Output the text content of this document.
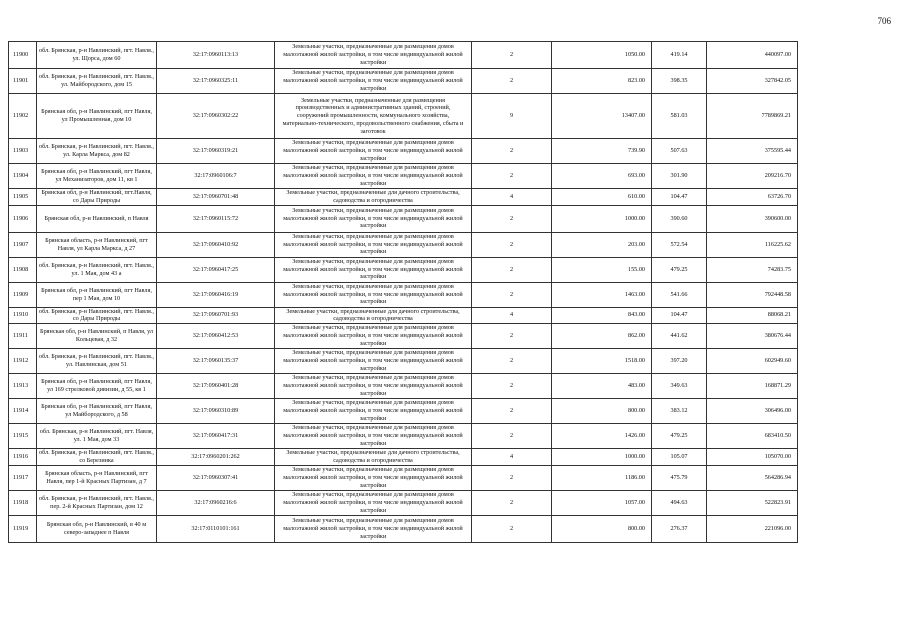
706
11900	обл. Брянская, р-н Навлинский, пгт. Навля., ул. Щорса, дом 60	32:17:0960113:13	Земельные участки, предназначенные для размещения домов малоэтажной жилой застройки, в том числе индивидуальной жилой застройки	2	1050.00	419.14	440097.00
11901	обл. Брянская, р-н Навлинский, пгт. Навля., ул. Майбородского, дом 15	32:17:0960325:11	Земельные участки, предназначенные для размещения домов малоэтажной жилой застройки, в том числе индивидуальной жилой застройки	2	823.00	398.35	327842.05
11902	Брянская обл, р-н Навлинский, пгт Навля, ул Промышленная, дом 10	32:17:0960302:22	Земельные участки, предназначенные для размещения производственных и административных зданий, строений, сооружений промышленности, коммунального хозяйства, материально-технического, продовольственного снабжения, сбыта и заготовок	9	13407.00	581.03	7789869.21
11903	обл. Брянская, р-н Навлинский, пгт. Навля., ул. Карла Маркса, дом 82	32:17:0960319:21	Земельные участки, предназначенные для размещения домов малоэтажной жилой застройки, в том числе индивидуальной жилой застройки	2	739.90	507.63	375595.44
11904	Брянская обл, р-н Навлинский, пгт Навля, ул Механизаторов, дом 11, кв 1	32:17:0960106:7	Земельные участки, предназначенные для размещения домов малоэтажной жилой застройки, в том числе индивидуальной жилой застройки	2	693.00	301.90	209216.70
11905	Брянская обл, р-н Навлинский, пгт.Навля, со Дары Природы	32:17:0960701:48	Земельные участки, предназначенные для дачного строительства, садоводства и огородничества	4	610.00	104.47	63726.70
11906	Брянская обл, р-н Навлинский, п Навля	32:17:0960115:72	Земельные участки, предназначенные для размещения домов малоэтажной жилой застройки, в том числе индивидуальной жилой застройки	2	1000.00	390.60	390600.00
11907	Брянская область, р-н Навлинский, пгт Навля, ул Карла Маркса, д 27	32:17:0960410:92	Земельные участки, предназначенные для размещения домов малоэтажной жилой застройки, в том числе индивидуальной жилой застройки	2	203.00	572.54	116225.62
11908	обл. Брянская, р-н Навлинский, пгт. Навля., ул. 1 Мая, дом 43 а	32:17:0960417:25	Земельные участки, предназначенные для размещения домов малоэтажной жилой застройки, в том числе индивидуальной жилой застройки	2	155.00	479.25	74283.75
11909	Брянская обл, р-н Навлинский, пгт Навля, пер 1 Мая, дом 10	32:17:0960416:19	Земельные участки, предназначенные для размещения домов малоэтажной жилой застройки, в том числе индивидуальной жилой застройки	2	1463.00	541.66	792448.58
11910	обл. Брянская, р-н Навлинский, пгт. Навля., со Дары Природы	32:17:0960701:93	Земельные участки, предназначенные для дачного строительства, садоводства и огородничества	4	843.00	104.47	88068.21
11911	Брянская обл, р-н Навлинский, п Навля, ул Кольцевая, д 32	32:17:0960412:53	Земельные участки, предназначенные для размещения домов малоэтажной жилой застройки, в том числе индивидуальной жилой застройки	2	862.00	441.62	380676.44
11912	обл. Брянская, р-н Навлинский, пгт. Навля., ул. Навлинская, дом 51	32:17:0960135:37	Земельные участки, предназначенные для размещения домов малоэтажной жилой застройки, в том числе индивидуальной жилой застройки	2	1518.00	397.20	602949.60
11913	Брянская обл, р-н Навлинский, пгт Навля, ул 169 стрелковой дивизии, д 55, кв 1	32:17:0960401:28	Земельные участки, предназначенные для размещения домов малоэтажной жилой застройки, в том числе индивидуальной жилой застройки	2	483.00	349.63	168871.29
11914	Брянская обл, р-н Навлинский, пгт Навля, ул Майбородского, д 58	32:17:0960310:89	Земельные участки, предназначенные для размещения домов малоэтажной жилой застройки, в том числе индивидуальной жилой застройки	2	800.00	383.12	306496.00
11915	обл. Брянская, р-н Навлинский, пгт. Навля, ул. 1 Мая, дом 33	32:17:0960417:31	Земельные участки, предназначенные для размещения домов малоэтажной жилой застройки, в том числе индивидуальной жилой застройки	2	1426.00	479.25	683410.50
11916	обл. Брянская, р-н Навлинский, пгт. Навля., со Березинка	32:17:0960201:262	Земельные участки, предназначенные для дачного строительства, садоводства и огородничества	4	1000.00	105.07	105070.00
11917	Брянская область, р-н Навлинский, пгт Навля, пер 1-й Красных Партизан, д 7	32:17:0960307:41	Земельные участки, предназначенные для размещения домов малоэтажной жилой застройки, в том числе индивидуальной жилой застройки	2	1186.00	475.79	564286.94
11918	обл. Брянская, р-н Навлинский, пгт. Навля., пер. 2-й Красных Партизан, дом 12	32:17:0960216:6	Земельные участки, предназначенные для размещения домов малоэтажной жилой застройки, в том числе индивидуальной жилой застройки	2	1057.00	494.63	522823.91
11919	Брянская обл, р-н Навлинский, в 40 м северо-западнее п Навля	32:17:0110101:161	Земельные участки, предназначенные для размещения домов малоэтажной жилой застройки, в том числе индивидуальной жилой застройки	2	800.00	276.37	221096.00
